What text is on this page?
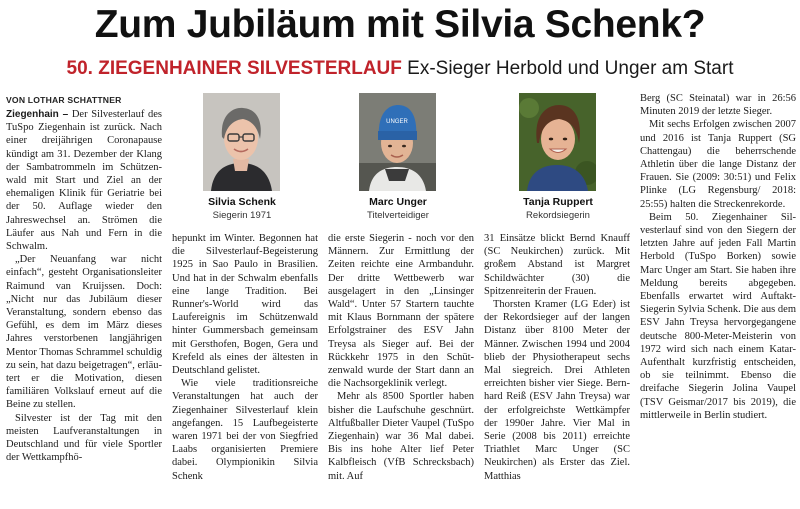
Zum Jubiläum mit Silvia Schenk?
50. ZIEGENHAINER SILVESTERLAUF Ex-Sieger Herbold und Unger am Start
VON LOTHAR SCHATTNER

Ziegenhain – Der Silvesterlauf des TuSpo Ziegenhain ist zurück. Nach einer dreijährigen Coronapause kündigt am 31. Dezember der Klang der Sambatrommeln im Schützenwald mit Start und Ziel an der ehemaligen Klinik für Geriatrie bei der 50. Auflage wieder den Jahreswechsel an. Strömen die Läufer aus Nah und Fern in die Schwalm.

„Der Neuanfang war nicht einfach“, gesteht Organisationsleiter Raimund van Kruijssen. Doch: „Nicht nur das Jubiläum dieser Veranstaltung, sondern ebenso das Gefühl, es dem im März dieses Jahres verstorbenen langjährigen Mentor Thomas Schrammel schuldig zu sein, hat dazu beigetragen“, erläutert er die Motivation, diesen familiären Volkslauf erneut auf die Beine zu stellen.

Silvester ist der Tag mit den meisten Laufveranstaltungen in Deutschland und für viele Sportler der Wettkampfhö-

UNGER
Silvia Schenk
Siegerin 1971
Marc Unger
Titelverteidiger
Tanja Ruppert
Rekordsiegerin

hepunkt im Winter. Begonnen hat die Silvesterlauf-Begeisterung 1925 in Sao Paulo in Brasilien. Und hat in der Schwalm ebenfalls eine lange Tradition. Bei Runner's-World wird das Laufereignis im Schützenwald hinter Gummersbach gemeinsam mit Gersthofen, Bogen, Gera und Krefeld als eines der ältesten in Deutschland gelistet.

Wie viele traditionsreiche Veranstaltungen hat auch der Ziegenhainer Silvesterlauf klein angefangen. 15 Laufbegeisterte waren 1971 bei der von Siegfried Laabs organisierten Premiere dabei. Olympionikin Silvia Schenk

die erste Siegerin - noch vor den Männern. Zur Ermittlung der Zeiten reichte eine Armbanduhr. Der dritte Wettbewerb war ausgelagert in den „Linsinger Wald“. Unter 57 Startern tauchte mit Klaus Bornmann der spätere Erfolgstrainer des ESV Jahn Treysa als Sieger auf. Bei der Rückkehr 1975 in den Schützenwald wurde der Start dann an die Nachsorgeklinik verlegt.

Mehr als 8500 Sportler haben bisher die Laufschuhe geschnürt. Altfußballer Dieter Vaupel (TuSpo Ziegenhain) war 36 Mal dabei. Bis ins hohe Alter lief Peter Kalbfleisch (VfB Schrecksbach) mit. Auf

31 Einsätze blickt Bernd Knauff (SC Neukirchen) zurück. Mit großem Abstand ist Margret Schildwächter (30) die Spitzenreiterin der Frauen.

Thorsten Kramer (LG Eder) ist der Rekordsieger auf der langen Distanz über 8100 Meter der Männer. Zwischen 1994 und 2004 blieb der Physiotherapeut sechs Mal siegreich. Drei Athleten erreichten bisher vier Siege. Bernhard Reiß (ESV Jahn Treysa) war der erfolgreichste Wettkämpfer der 1990er Jahre. Vier Mal in Serie (2008 bis 2011) erreichte Triathlet Marc Unger (SC Neukirchen) als Erster das Ziel. Matthias

Berg (SC Steinatal) war in 26:56 Minuten 2019 der letzte Sieger.

Mit sechs Erfolgen zwischen 2007 und 2016 ist Tanja Ruppert (SG Chattengau) die beherrschende Athletin über die lange Distanz der Frauen. Sie (2009: 30:51) und Felix Plinke (LG Regensburg/ 2018: 25:55) halten die Streckenrekorde.

Beim 50. Ziegenhainer Silvesterlauf sind von den Siegern der letzten Jahre auf jeden Fall Martin Herbold (TuSpo Borken) sowie Marc Unger am Start. Sie haben ihre Meldung bereits abgegeben. Ebenfalls erwartet wird Auftakt-Siegerin Sylvia Schenk. Die aus dem ESV Jahn Treysa hervorgegangene deutsche 800-Meter-Meisterin von 1972 wird sich nach einem Katar-Aufenthalt kurzfristig entscheiden, ob sie teilnimmt. Ebenso die dreifache Siegerin Jolina Vaupel (TSV Geismar/2017 bis 2019), die mittlerweile in Berlin studiert.
